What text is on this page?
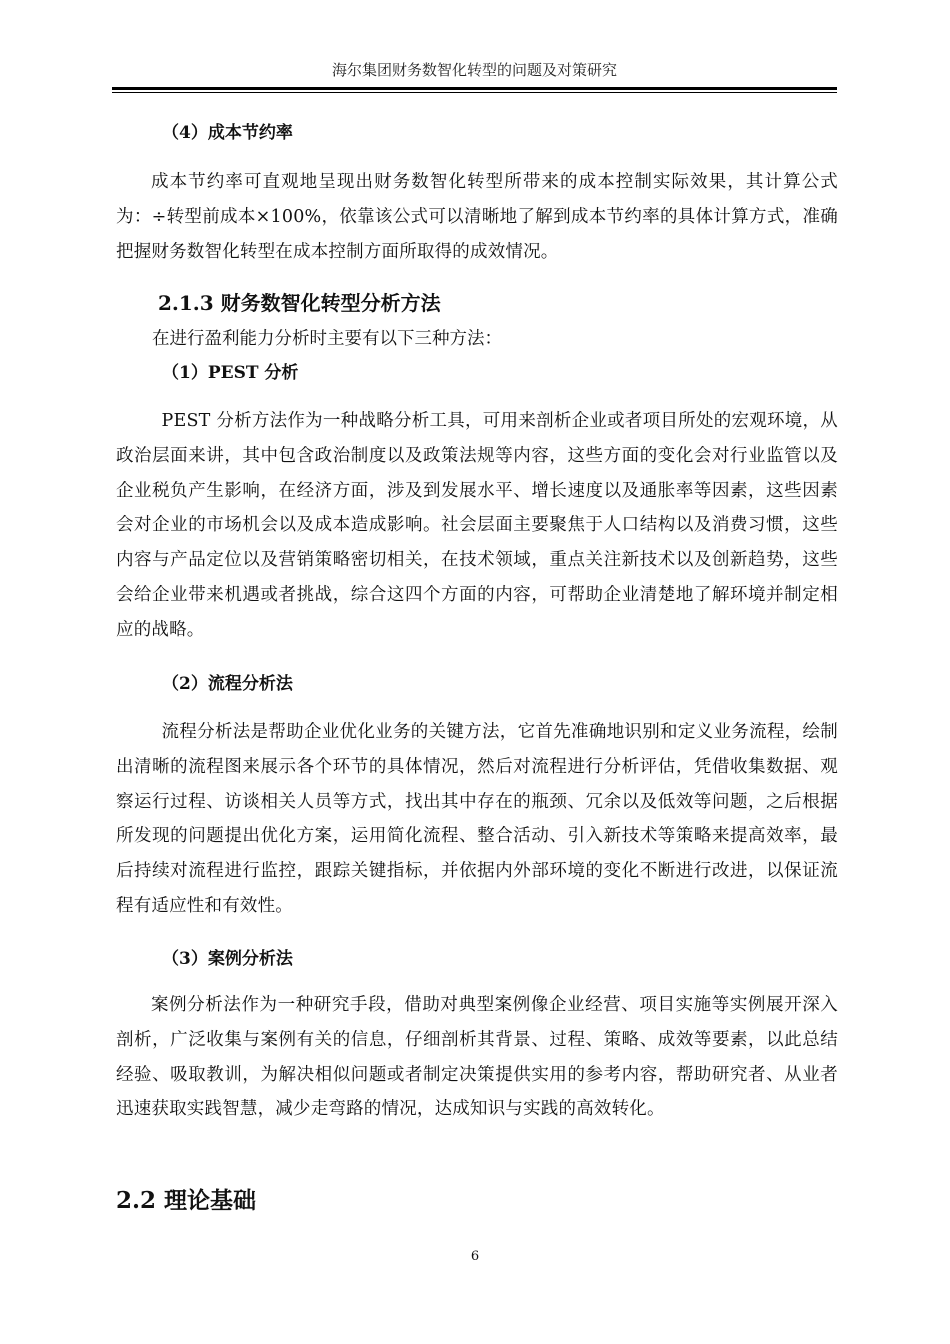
海尔集团财务数智化转型的问题及对策研究
（4）成本节约率

成本节约率可直观地呈现出财务数智化转型所带来的成本控制实际效果，其计算公式为：÷转型前成本×100%，依靠该公式可以清晰地了解到成本节约率的具体计算方式，准确把握财务数智化转型在成本控制方面所取得的成效情况。

2.1.3 财务数智化转型分析方法
在进行盈利能力分析时主要有以下三种方法：
（1）PEST 分析

PEST 分析方法作为一种战略分析工具，可用来剖析企业或者项目所处的宏观环境，从政治层面来讲，其中包含政治制度以及政策法规等内容，这些方面的变化会对行业监管以及企业税负产生影响，在经济方面，涉及到发展水平、增长速度以及通胀率等因素，这些因素会对企业的市场机会以及成本造成影响。社会层面主要聚焦于人口结构以及消费习惯，这些内容与产品定位以及营销策略密切相关，在技术领域，重点关注新技术以及创新趋势，这些会给企业带来机遇或者挑战，综合这四个方面的内容，可帮助企业清楚地了解环境并制定相应的战略。

（2）流程分析法

流程分析法是帮助企业优化业务的关键方法，它首先准确地识别和定义业务流程，绘制出清晰的流程图来展示各个环节的具体情况，然后对流程进行分析评估，凭借收集数据、观察运行过程、访谈相关人员等方式，找出其中存在的瓶颈、冗余以及低效等问题，之后根据所发现的问题提出优化方案，运用简化流程、整合活动、引入新技术等策略来提高效率，最后持续对流程进行监控，跟踪关键指标，并依据内外部环境的变化不断进行改进，以保证流程有适应性和有效性。

（3）案例分析法

案例分析法作为一种研究手段，借助对典型案例像企业经营、项目实施等实例展开深入剖析，广泛收集与案例有关的信息，仔细剖析其背景、过程、策略、成效等要素，以此总结经验、吸取教训，为解决相似问题或者制定决策提供实用的参考内容，帮助研究者、从业者迅速获取实践智慧，减少走弯路的情况，达成知识与实践的高效转化。

2.2 理论基础
6
